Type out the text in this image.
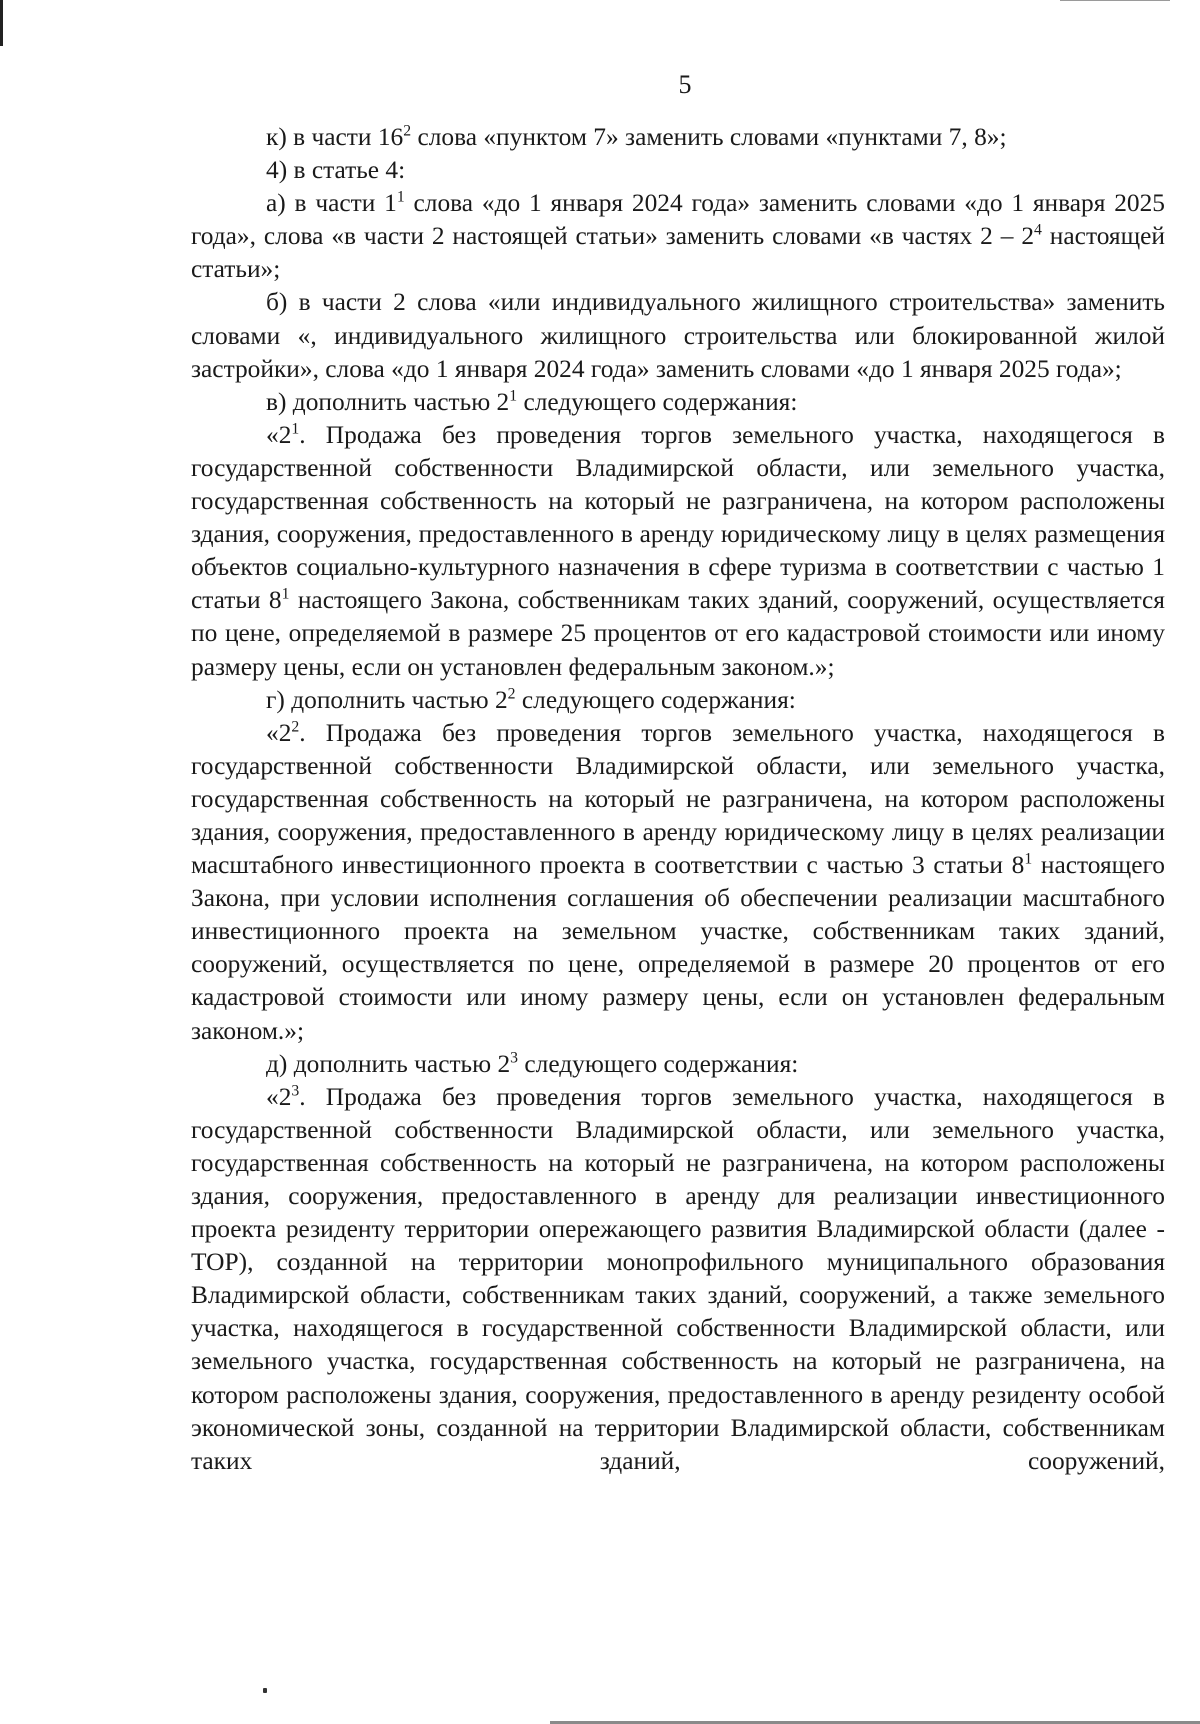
5

к) в части $16^2$ слова «пунктом 7» заменить словами «пунктами 7, 8»;

4) в статье 4:

а) в части $1^1$ слова «до 1 января 2024 года» заменить словами «до 1 января 2025 года», слова «в части 2 настоящей статьи» заменить словами «в частях $2 - 2^4$ настоящей статьи»;

б) в части 2 слова «или индивидуального жилищного строительства» заменить словами «, индивидуального жилищного строительства или блокированной жилой застройки», слова «до 1 января 2024 года» заменить словами «до 1 января 2025 года»;

в) дополнить частью $2^1$ следующего содержания:

«$2^1$. Продажа без проведения торгов земельного участка, находящегося в государственной собственности Владимирской области, или земельного участка, государственная собственность на который не разграничена, на котором расположены здания, сооружения, предоставленного в аренду юридическому лицу в целях размещения объектов социально-культурного назначения в сфере туризма в соответствии с частью 1 статьи $8^1$ настоящего Закона, собственникам таких зданий, сооружений, осуществляется по цене, определяемой в размере 25 процентов от его кадастровой стоимости или иному размеру цены, если он установлен федеральным законом.»;

г) дополнить частью $2^2$ следующего содержания:

«$2^2$. Продажа без проведения торгов земельного участка, находящегося в государственной собственности Владимирской области, или земельного участка, государственная собственность на который не разграничена, на котором расположены здания, сооружения, предоставленного в аренду юридическому лицу в целях реализации масштабного инвестиционного проекта в соответствии с частью 3 статьи $8^1$ настоящего Закона, при условии исполнения соглашения об обеспечении реализации масштабного инвестиционного проекта на земельном участке, собственникам таких зданий, сооружений, осуществляется по цене, определяемой в размере 20 процентов от его кадастровой стоимости или иному размеру цены, если он установлен федеральным законом.»;

д) дополнить частью $2^3$ следующего содержания:

«$2^3$. Продажа без проведения торгов земельного участка, находящегося в государственной собственности Владимирской области, или земельного участка, государственная собственность на который не разграничена, на котором расположены здания, сооружения, предоставленного в аренду для реализации инвестиционного проекта резиденту территории опережающего развития Владимирской области (далее - ТОР), созданной на территории монопрофильного муниципального образования Владимирской области, собственникам таких зданий, сооружений, а также земельного участка, находящегося в государственной собственности Владимирской области, или земельного участка, государственная собственность на который не разграничена, на котором расположены здания, сооружения, предоставленного в аренду резиденту особой экономической зоны, созданной на территории Владимирской области, собственникам таких зданий, сооружений,
